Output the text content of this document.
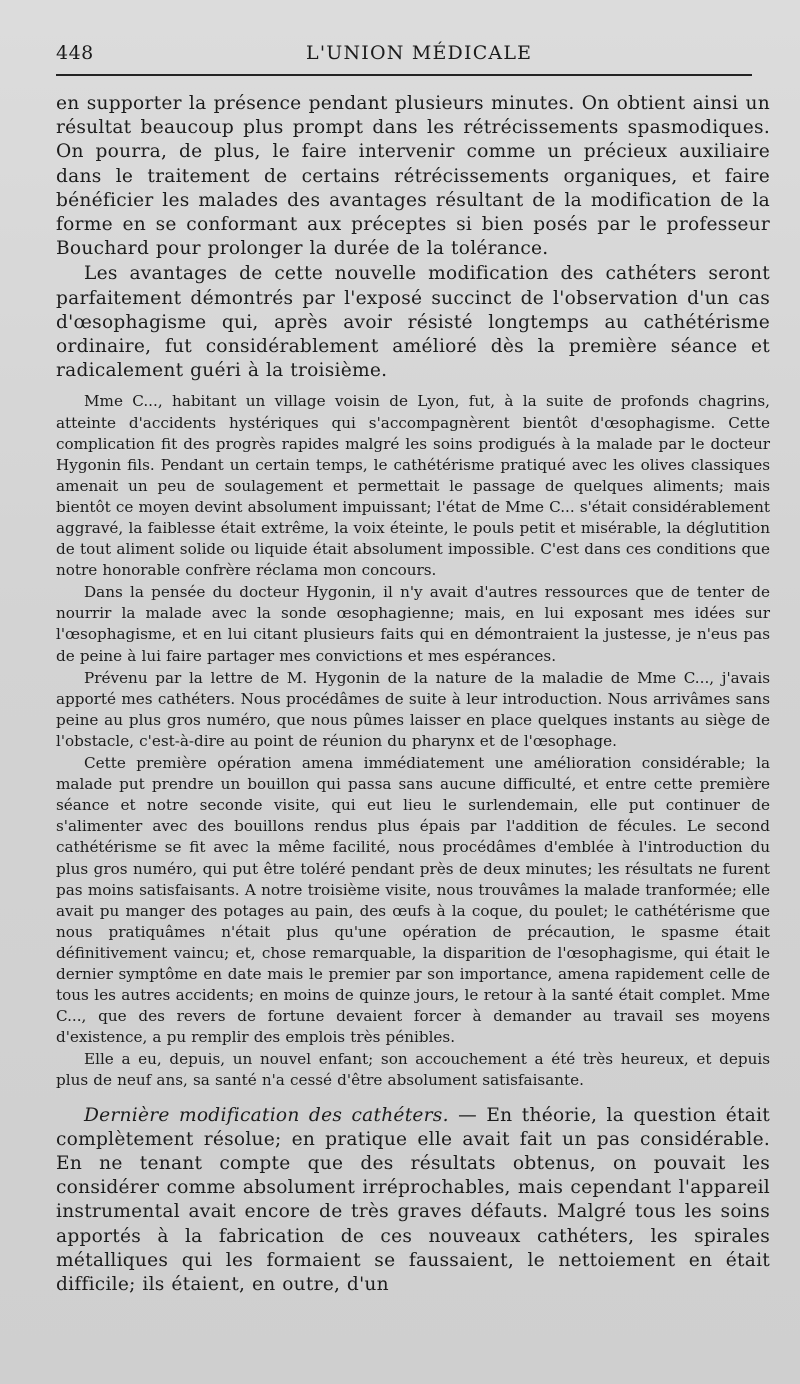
448	L'UNION MÉDICALE

en supporter la présence pendant plusieurs minutes. On obtient ainsi un résultat beaucoup plus prompt dans les rétrécissements spasmodiques. On pourra, de plus, le faire intervenir comme un précieux auxiliaire dans le traitement de certains rétrécissements organiques, et faire bénéficier les malades des avantages résultant de la modification de la forme en se conformant aux préceptes si bien posés par le professeur Bouchard pour prolonger la durée de la tolérance.

Les avantages de cette nouvelle modification des cathéters seront parfaitement démontrés par l'exposé succinct de l'observation d'un cas d'œsophagisme qui, après avoir résisté longtemps au cathétérisme ordinaire, fut considérablement amélioré dès la première séance et radicalement guéri à la troisième.

Mme C..., habitant un village voisin de Lyon, fut, à la suite de profonds chagrins, atteinte d'accidents hystériques qui s'accompagnèrent bientôt d'œsophagisme. Cette complication fit des progrès rapides malgré les soins prodigués à la malade par le docteur Hygonin fils. Pendant un certain temps, le cathétérisme pratiqué avec les olives classiques amenait un peu de soulagement et permettait le passage de quelques aliments; mais bientôt ce moyen devint absolument impuissant; l'état de Mme C... s'était considérablement aggravé, la faiblesse était extrême, la voix éteinte, le pouls petit et misérable, la déglutition de tout aliment solide ou liquide était absolument impossible. C'est dans ces conditions que notre honorable confrère réclama mon concours.

Dans la pensée du docteur Hygonin, il n'y avait d'autres ressources que de tenter de nourrir la malade avec la sonde œsophagienne; mais, en lui exposant mes idées sur l'œsophagisme, et en lui citant plusieurs faits qui en démontraient la justesse, je n'eus pas de peine à lui faire partager mes convictions et mes espérances.

Prévenu par la lettre de M. Hygonin de la nature de la maladie de Mme C..., j'avais apporté mes cathéters. Nous procédâmes de suite à leur introduction. Nous arrivâmes sans peine au plus gros numéro, que nous pûmes laisser en place quelques instants au siège de l'obstacle, c'est-à-dire au point de réunion du pharynx et de l'œsophage.

Cette première opération amena immédiatement une amélioration considérable; la malade put prendre un bouillon qui passa sans aucune difficulté, et entre cette première séance et notre seconde visite, qui eut lieu le surlendemain, elle put continuer de s'alimenter avec des bouillons rendus plus épais par l'addition de fécules. Le second cathétérisme se fit avec la même facilité, nous procédâmes d'emblée à l'introduction du plus gros numéro, qui put être toléré pendant près de deux minutes; les résultats ne furent pas moins satisfaisants. A notre troisième visite, nous trouvâmes la malade tranformée; elle avait pu manger des potages au pain, des œufs à la coque, du poulet; le cathétérisme que nous pratiquâmes n'était plus qu'une opération de précaution, le spasme était définitivement vaincu; et, chose remarquable, la disparition de l'œsophagisme, qui était le dernier symptôme en date mais le premier par son importance, amena rapidement celle de tous les autres accidents; en moins de quinze jours, le retour à la santé était complet. Mme C..., que des revers de fortune devaient forcer à demander au travail ses moyens d'existence, a pu remplir des emplois très pénibles.

Elle a eu, depuis, un nouvel enfant; son accouchement a été très heureux, et depuis plus de neuf ans, sa santé n'a cessé d'être absolument satisfaisante.

Dernière modification des cathéters. — En théorie, la question était complètement résolue; en pratique elle avait fait un pas considérable. En ne tenant compte que des résultats obtenus, on pouvait les considérer comme absolument irréprochables, mais cependant l'appareil instrumental avait encore de très graves défauts. Malgré tous les soins apportés à la fabrication de ces nouveaux cathéters, les spirales métalliques qui les formaient se faussaient, le nettoiement en était difficile; ils étaient, en outre, d'un
